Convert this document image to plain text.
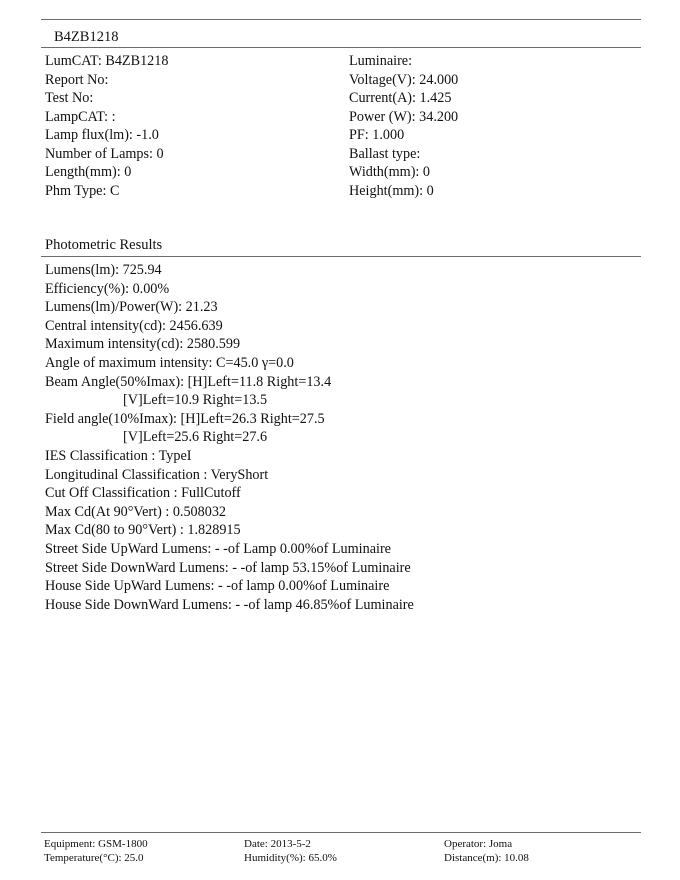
B4ZB1218
LumCAT: B4ZB1218
Report No:
Test No:
LampCAT: :
Lamp flux(lm): -1.0
Number of Lamps: 0
Length(mm): 0
Phm Type: C
Luminaire:
Voltage(V): 24.000
Current(A): 1.425
Power (W): 34.200
PF: 1.000
Ballast type:
Width(mm): 0
Height(mm): 0
Photometric Results
Lumens(lm): 725.94
Efficiency(%): 0.00%
Lumens(lm)/Power(W): 21.23
Central intensity(cd): 2456.639
Maximum intensity(cd): 2580.599
Angle of maximum intensity: C=45.0 γ=0.0
Beam Angle(50%Imax): [H]Left=11.8 Right=13.4
[V]Left=10.9 Right=13.5
Field angle(10%Imax): [H]Left=26.3 Right=27.5
[V]Left=25.6 Right=27.6
IES Classification : TypeI
Longitudinal Classification : VeryShort
Cut Off Classification : FullCutoff
Max Cd(At 90°Vert) : 0.508032
Max Cd(80 to 90°Vert) : 1.828915
Street Side UpWard Lumens: - -of Lamp 0.00%of Luminaire
Street Side DownWard Lumens: - -of lamp 53.15%of Luminaire
House Side UpWard Lumens: - -of lamp 0.00%of Luminaire
House Side DownWard Lumens: - -of lamp 46.85%of Luminaire
Equipment: GSM-1800
Temperature(°C): 25.0
Date: 2013-5-2
Humidity(%): 65.0%
Operator: Joma
Distance(m): 10.08
